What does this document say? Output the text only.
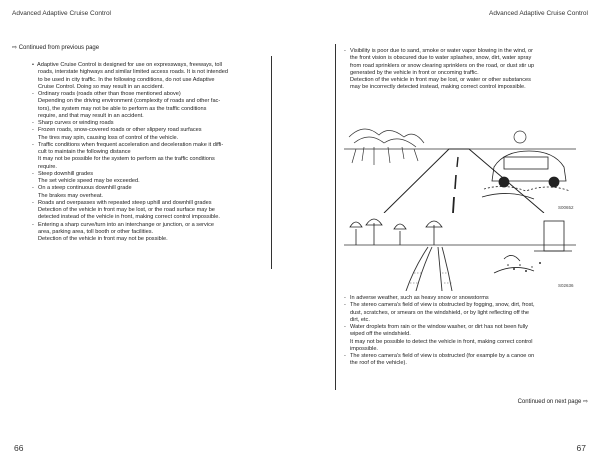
Advanced Adaptive Cruise Control	Advanced Adaptive Cruise Control
⇨ Continued from previous page
• Adaptive Cruise Control is designed for use on expressways, freeways, toll
roads, interstate highways and similar limited access roads. It is not intended
to be used in city traffic. In the following conditions, do not use Adaptive
Cruise Control. Doing so may result in an accident.
- Ordinary roads (roads other than those mentioned above)
Depending on the driving environment (complexity of roads and other fac-
tors), the system may not be able to perform as the traffic conditions
require, and that may result in an accident.
- Sharp curves or winding roads
- Frozen roads, snow-covered roads or other slippery road surfaces
The tires may spin, causing loss of control of the vehicle.
- Traffic conditions when frequent acceleration and deceleration make it diffi-
cult to maintain the following distance
It may not be possible for the system to perform as the traffic conditions
require.
- Steep downhill grades
The set vehicle speed may be exceeded.
- On a steep continuous downhill grade
The brakes may overheat.
- Roads and overpasses with repeated steep uphill and downhill grades
Detection of the vehicle in front may be lost, or the road surface may be
detected instead of the vehicle in front, making correct control impossible.
- Entering a sharp curve/turn into an interchange or junction, or a service
area, parking area, toll booth or other facilities.
Detection of the vehicle in front may not be possible.
- Visibility is poor due to sand, smoke or water vapor blowing in the wind, or
the front vision is obscured due to water splashes, snow, dirt, water spray
from road sprinklers or snow clearing sprinklers on the road, or dust stir up
generated by the vehicle in front or oncoming traffic.
Detection of the vehicle in front may be lost, or water or other substances
may be incorrectly detected instead, making correct control impossible.
S00652
S02636
- In adverse weather, such as heavy snow or snowstorms
- The stereo camera's field of view is obstructed by fogging, snow, dirt, frost,
dust, scratches, or smears on the windshield, or by light reflecting off the
dirt, etc.
- Water droplets from rain or the window washer, or dirt has not been fully
wiped off the windshield.
It may not be possible to detect the vehicle in front, making correct control
impossible.
- The stereo camera's field of view is obstructed (for example by a canoe on
the roof of the vehicle).
Continued on next page ⇨
66	67
